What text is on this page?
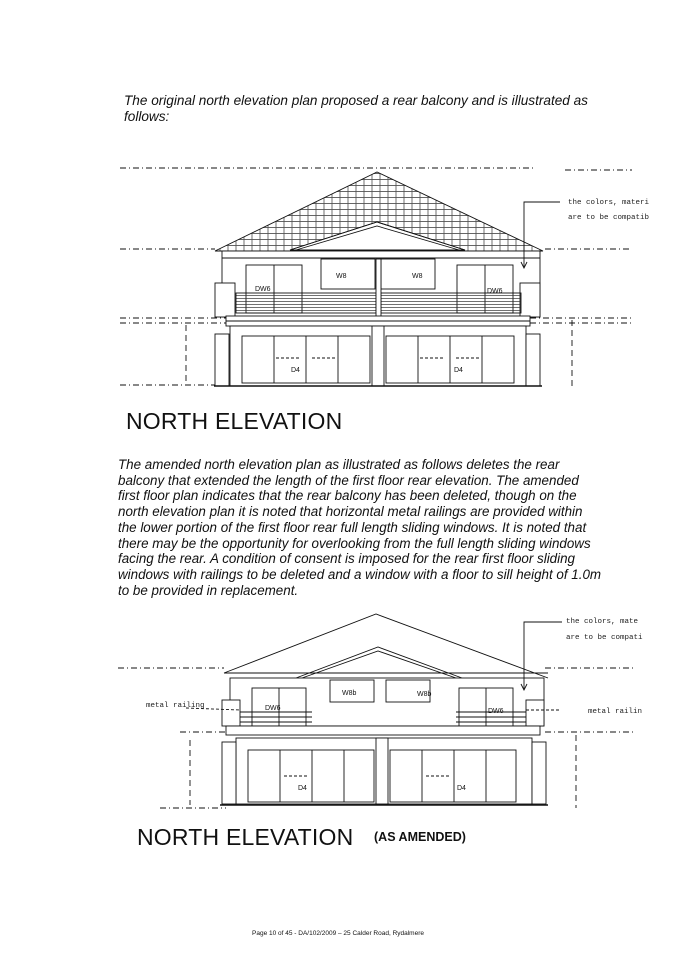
The original north elevation plan proposed a rear balcony and is illustrated as follows:

the colors, materi
are to be compatib
DW6	DW6
W8	W8
D4	D4
NORTH ELEVATION

The amended north elevation plan as illustrated as follows deletes the rear balcony that extended the length of the first floor rear elevation. The amended first floor plan indicates that the rear balcony has been deleted, though on the north elevation plan it is noted that horizontal metal railings are provided within the lower portion of the first floor rear full length sliding windows. It is noted that there may be the opportunity for overlooking from the full length sliding windows facing the rear. A condition of consent is imposed for the rear first floor sliding windows with railings to be deleted and a window with a floor to sill height of 1.0m to be provided in replacement.

the colors, mate
are to be compati
metal railing
metal railin
DW6	DW6
W8b	W8b
D4	D4
NORTH ELEVATION (AS AMENDED)
Page 10 of 45 - DA/102/2009 – 25 Calder Road, Rydalmere
